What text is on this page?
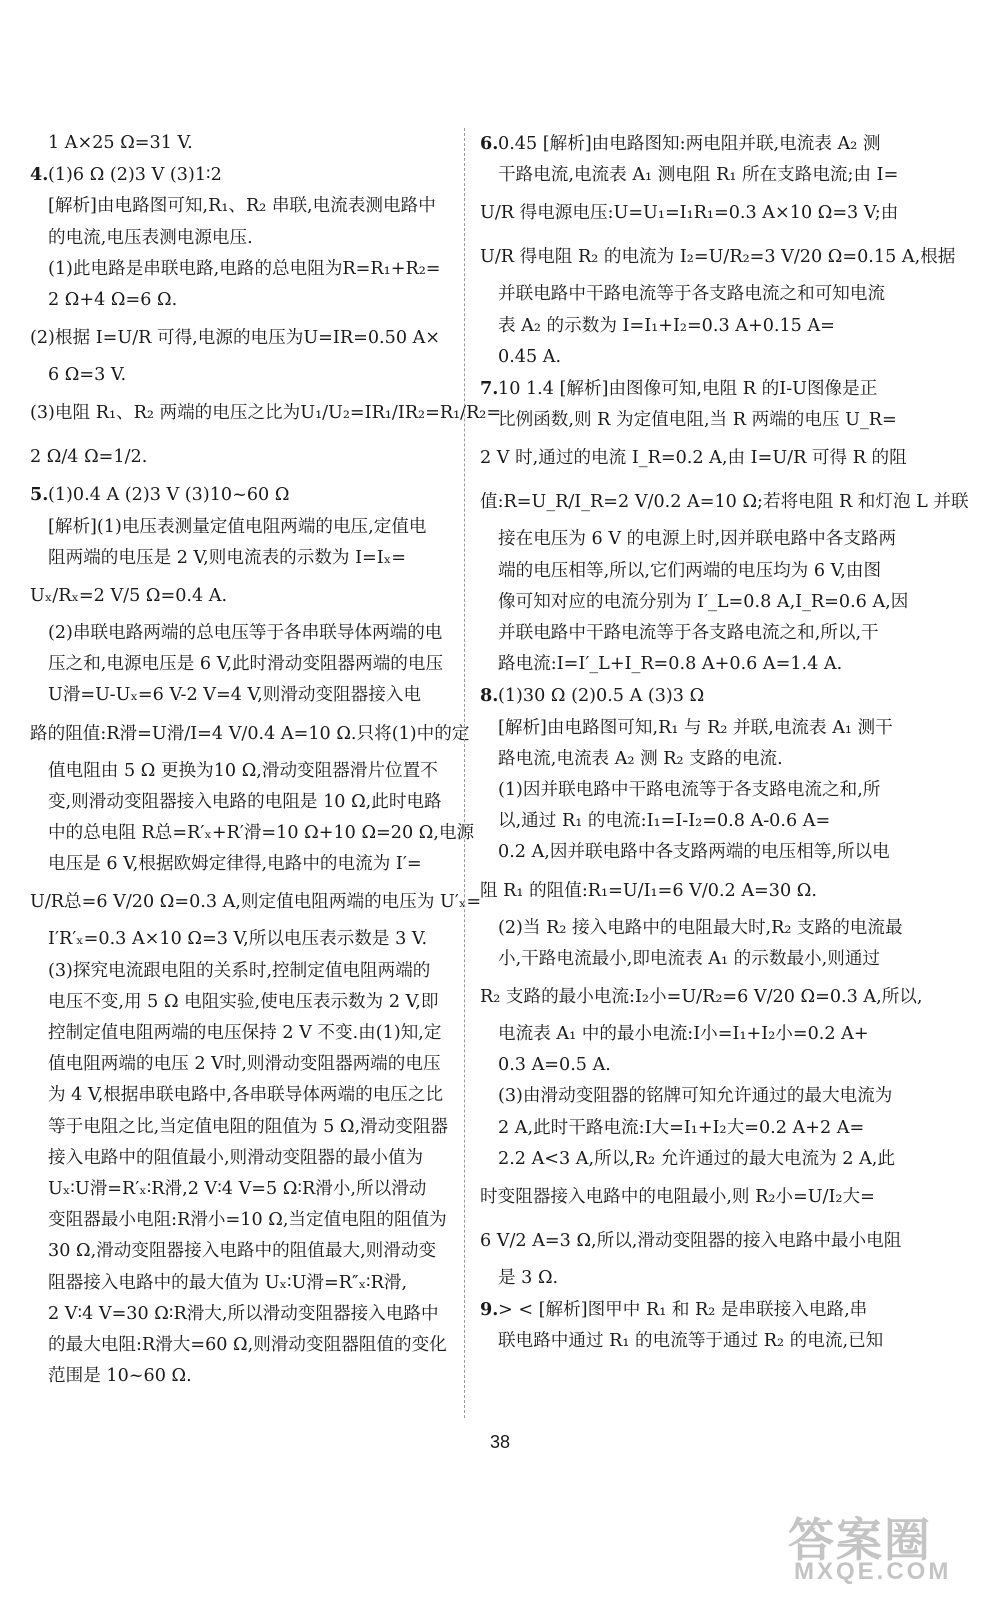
1 A×25 Ω=31 V.
4.(1)6 Ω (2)3 V (3)1∶2
[解析]由电路图可知,R₁、R₂ 串联,电流表测电路中
的电流,电压表测电源电压.
(1)此电路是串联电路,电路的总电阻为R=R₁+R₂=
2 Ω+4 Ω=6 Ω.
(2)根据 I=U/R 可得,电源的电压为U=IR=0.50 A×
6 Ω=3 V.
(3)电阻 R₁、R₂ 两端的电压之比为U₁/U₂=IR₁/IR₂=R₁/R₂=
2 Ω/4 Ω=1/2.
5.(1)0.4 A (2)3 V (3)10~60 Ω
[解析](1)电压表测量定值电阻两端的电压,定值电
阻两端的电压是 2 V,则电流表的示数为 I=Iₓ=
Uₓ/Rₓ=2 V/5 Ω=0.4 A.
(2)串联电路两端的总电压等于各串联导体两端的电
压之和,电源电压是 6 V,此时滑动变阻器两端的电压
U滑=U-Uₓ=6 V-2 V=4 V,则滑动变阻器接入电
路的阻值:R滑=U滑/I=4 V/0.4 A=10 Ω.只将(1)中的定
值电阻由 5 Ω 更换为10 Ω,滑动变阻器滑片位置不
变,则滑动变阻器接入电路的电阻是 10 Ω,此时电路
中的总电阻 R总=R′ₓ+R′滑=10 Ω+10 Ω=20 Ω,电源
电压是 6 V,根据欧姆定律得,电路中的电流为 I′=
U/R总=6 V/20 Ω=0.3 A,则定值电阻两端的电压为 U′ₓ=
I′R′ₓ=0.3 A×10 Ω=3 V,所以电压表示数是 3 V.
(3)探究电流跟电阻的关系时,控制定值电阻两端的
电压不变,用 5 Ω 电阻实验,使电压表示数为 2 V,即
控制定值电阻两端的电压保持 2 V 不变.由(1)知,定
值电阻两端的电压 2 V时,则滑动变阻器两端的电压
为 4 V,根据串联电路中,各串联导体两端的电压之比
等于电阻之比,当定值电阻的阻值为 5 Ω,滑动变阻器
接入电路中的阻值最小,则滑动变阻器的最小值为
Uₓ∶U滑=R′ₓ∶R滑,2 V∶4 V=5 Ω∶R滑小,所以滑动
变阻器最小电阻:R滑小=10 Ω,当定值电阻的阻值为
30 Ω,滑动变阻器接入电路中的阻值最大,则滑动变
阻器接入电路中的最大值为 Uₓ∶U滑=R″ₓ∶R滑,
2 V∶4 V=30 Ω∶R滑大,所以滑动变阻器接入电路中
的最大电阻:R滑大=60 Ω,则滑动变阻器阻值的变化
范围是 10~60 Ω.
6.0.45 [解析]由电路图知:两电阻并联,电流表 A₂ 测
干路电流,电流表 A₁ 测电阻 R₁ 所在支路电流;由 I=
U/R 得电源电压:U=U₁=I₁R₁=0.3 A×10 Ω=3 V;由
U/R 得电阻 R₂ 的电流为 I₂=U/R₂=3 V/20 Ω=0.15 A,根据
并联电路中干路电流等于各支路电流之和可知电流
表 A₂ 的示数为 I=I₁+I₂=0.3 A+0.15 A=
0.45 A.
7.10 1.4 [解析]由图像可知,电阻 R 的I-U图像是正
比例函数,则 R 为定值电阻,当 R 两端的电压 U_R=
2 V 时,通过的电流 I_R=0.2 A,由 I=U/R 可得 R 的阻
值:R=U_R/I_R=2 V/0.2 A=10 Ω;若将电阻 R 和灯泡 L 并联
接在电压为 6 V 的电源上时,因并联电路中各支路两
端的电压相等,所以,它们两端的电压均为 6 V,由图
像可知对应的电流分别为 I′_L=0.8 A,I_R=0.6 A,因
并联电路中干路电流等于各支路电流之和,所以,干
路电流:I=I′_L+I_R=0.8 A+0.6 A=1.4 A.
8.(1)30 Ω (2)0.5 A (3)3 Ω
[解析]由电路图可知,R₁ 与 R₂ 并联,电流表 A₁ 测干
路电流,电流表 A₂ 测 R₂ 支路的电流.
(1)因并联电路中干路电流等于各支路电流之和,所
以,通过 R₁ 的电流:I₁=I-I₂=0.8 A-0.6 A=
0.2 A,因并联电路中各支路两端的电压相等,所以电
阻 R₁ 的阻值:R₁=U/I₁=6 V/0.2 A=30 Ω.
(2)当 R₂ 接入电路中的电阻最大时,R₂ 支路的电流最
小,干路电流最小,即电流表 A₁ 的示数最小,则通过
R₂ 支路的最小电流:I₂小=U/R₂=6 V/20 Ω=0.3 A,所以,
电流表 A₁ 中的最小电流:I小=I₁+I₂小=0.2 A+
0.3 A=0.5 A.
(3)由滑动变阻器的铭牌可知允许通过的最大电流为
2 A,此时干路电流:I大=I₁+I₂大=0.2 A+2 A=
2.2 A<3 A,所以,R₂ 允许通过的最大电流为 2 A,此
时变阻器接入电路中的电阻最小,则 R₂小=U/I₂大=
6 V/2 A=3 Ω,所以,滑动变阻器的接入电路中最小电阻
是 3 Ω.
9.> < [解析]图甲中 R₁ 和 R₂ 是串联接入电路,串
联电路中通过 R₁ 的电流等于通过 R₂ 的电流,已知
38
答案圈
MXQE.COM
